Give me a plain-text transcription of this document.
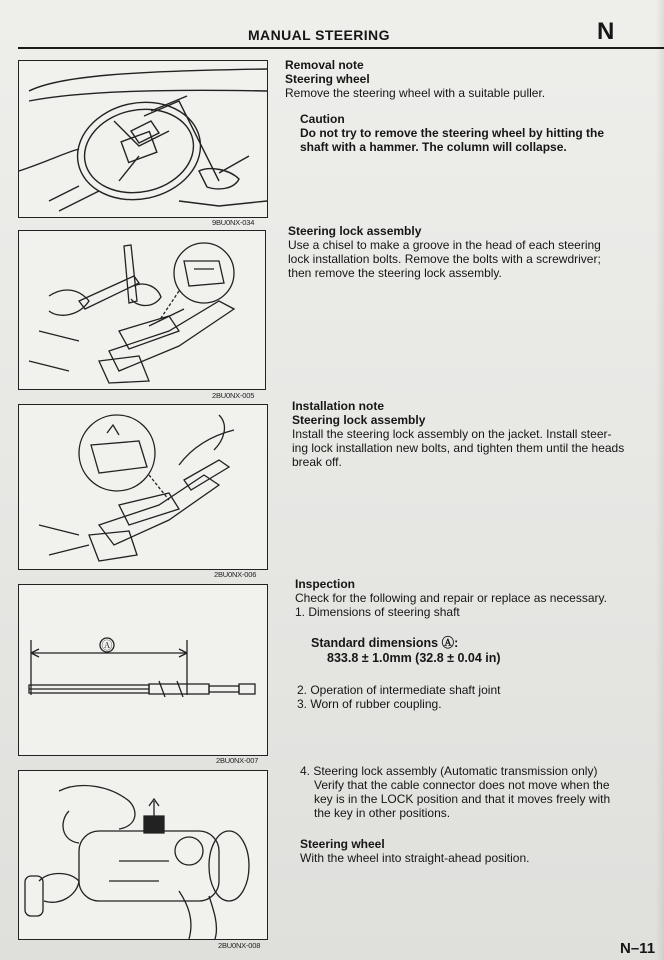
MANUAL STEERING	N
9BU0NX-034
2BU0NX-005
2BU0NX-006
Ⓐ
2BU0NX-007
2BU0NX-008
Removal note
Steering wheel
Remove the steering wheel with a suitable puller.
Caution
Do not try to remove the steering wheel by hitting the
shaft with a hammer. The column will collapse.
Steering lock assembly
Use a chisel to make a groove in the head of each steering
lock installation bolts. Remove the bolts with a screwdriver;
then remove the steering lock assembly.
Installation note
Steering lock assembly
Install the steering lock assembly on the jacket. Install steer-
ing lock installation new bolts, and tighten them until the heads
break off.
Inspection
Check for the following and repair or replace as necessary.
1. Dimensions of steering shaft
Standard dimensions Ⓐ:
833.8 ± 1.0mm (32.8 ± 0.04 in)
2. Operation of intermediate shaft joint
3. Worn of rubber coupling.
4. Steering lock assembly (Automatic transmission only)
Verify that the cable connector does not move when the
key is in the LOCK position and that it moves freely with
the key in other positions.
Steering wheel
With the wheel into straight-ahead position.
N–11
